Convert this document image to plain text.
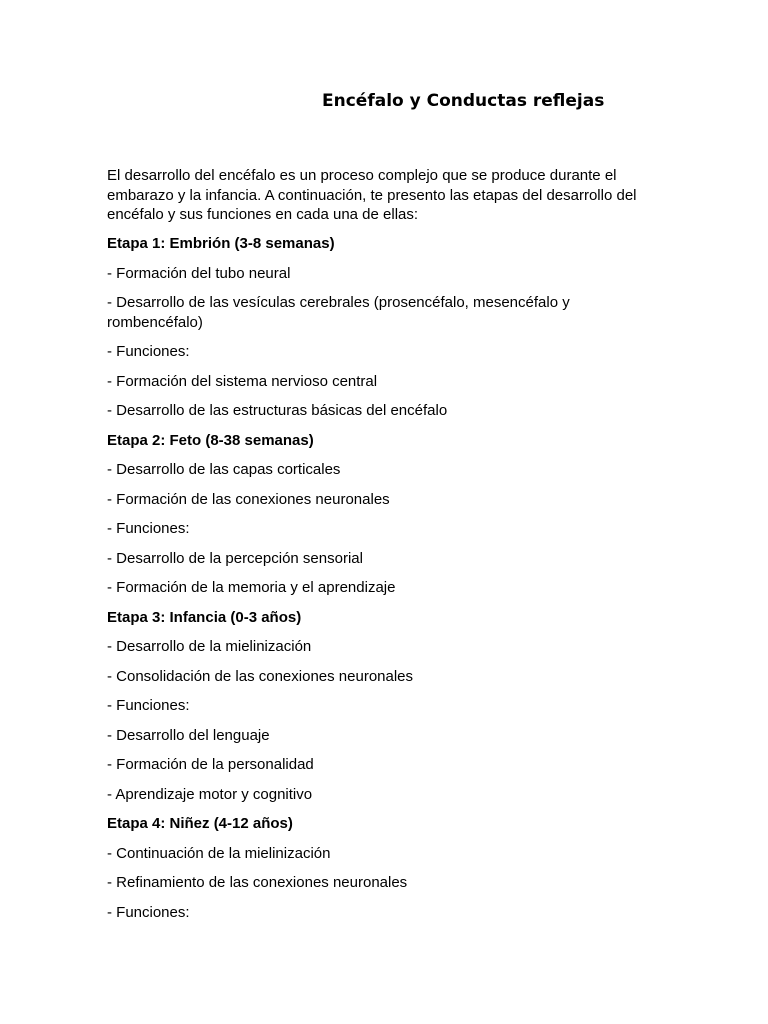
Encéfalo y Conductas reflejas

El desarrollo del encéfalo es un proceso complejo que se produce durante el embarazo y la infancia. A continuación, te presento las etapas del desarrollo del encéfalo y sus funciones en cada una de ellas:

Etapa 1: Embrión (3-8 semanas)

- Formación del tubo neural

- Desarrollo de las vesículas cerebrales (prosencéfalo, mesencéfalo y rombencéfalo)

- Funciones:

- Formación del sistema nervioso central

- Desarrollo de las estructuras básicas del encéfalo

Etapa 2: Feto (8-38 semanas)

- Desarrollo de las capas corticales

- Formación de las conexiones neuronales

- Funciones:

- Desarrollo de la percepción sensorial

- Formación de la memoria y el aprendizaje

Etapa 3: Infancia (0-3 años)

- Desarrollo de la mielinización

- Consolidación de las conexiones neuronales

- Funciones:

- Desarrollo del lenguaje

- Formación de la personalidad

- Aprendizaje motor y cognitivo

Etapa 4: Niñez (4-12 años)

- Continuación de la mielinización

- Refinamiento de las conexiones neuronales

- Funciones:
